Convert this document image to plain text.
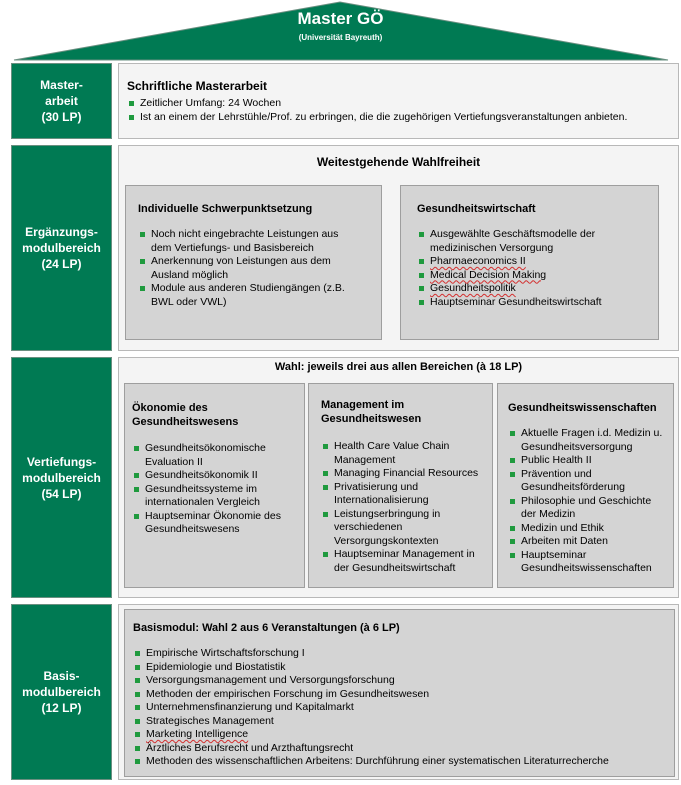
Master GÖ
(Universität Bayreuth)
Master-
arbeit
(30 LP)
Schriftliche Masterarbeit
Zeitlicher Umfang: 24 Wochen
Ist an einem der Lehrstühle/Prof. zu erbringen, die die zugehörigen Vertiefungsveranstaltungen anbieten.
Ergänzungs-
modulbereich
(24 LP)
Weitestgehende Wahlfreiheit
Individuelle Schwerpunktsetzung
Noch nicht eingebrachte Leistungen aus
dem Vertiefungs- und Basisbereich
Anerkennung von Leistungen aus dem
Ausland möglich
Module aus anderen Studiengängen (z.B.
BWL oder VWL)
Gesundheitswirtschaft
Ausgewählte Geschäftsmodelle der
medizinischen Versorgung
Pharmaeconomics II
Medical Decision Making
Gesundheitspolitik
Hauptseminar Gesundheitswirtschaft
Vertiefungs-
modulbereich
(54 LP)
Wahl: jeweils drei aus allen Bereichen (à 18 LP)
Ökonomie des
Gesundheitswesens
Gesundheitsökonomische
Evaluation II
Gesundheitsökonomik II
Gesundheitssysteme im
internationalen Vergleich
Hauptseminar Ökonomie des
Gesundheitswesens
Management im
Gesundheitswesen
Health Care Value Chain
Management
Managing Financial Resources
Privatisierung und
Internationalisierung
Leistungserbringung in
verschiedenen
Versorgungskontexten
Hauptseminar Management in
der Gesundheitswirtschaft
Gesundheitswissenschaften
Aktuelle Fragen i.d. Medizin u.
Gesundheitsversorgung
Public Health II
Prävention und
Gesundheitsförderung
Philosophie und Geschichte
der Medizin
Medizin und Ethik
Arbeiten mit Daten
Hauptseminar
Gesundheitswissenschaften
Basis-
modulbereich
(12 LP)
Basismodul: Wahl 2 aus 6 Veranstaltungen (à 6 LP)
Empirische Wirtschaftsforschung I
Epidemiologie und Biostatistik
Versorgungsmanagement und Versorgungsforschung
Methoden der empirischen Forschung im Gesundheitswesen
Unternehmensfinanzierung und Kapitalmarkt
Strategisches Management
Marketing Intelligence
Ärztliches Berufsrecht und Arzthaftungsrecht
Methoden des wissenschaftlichen Arbeitens: Durchführung einer systematischen Literaturrecherche
